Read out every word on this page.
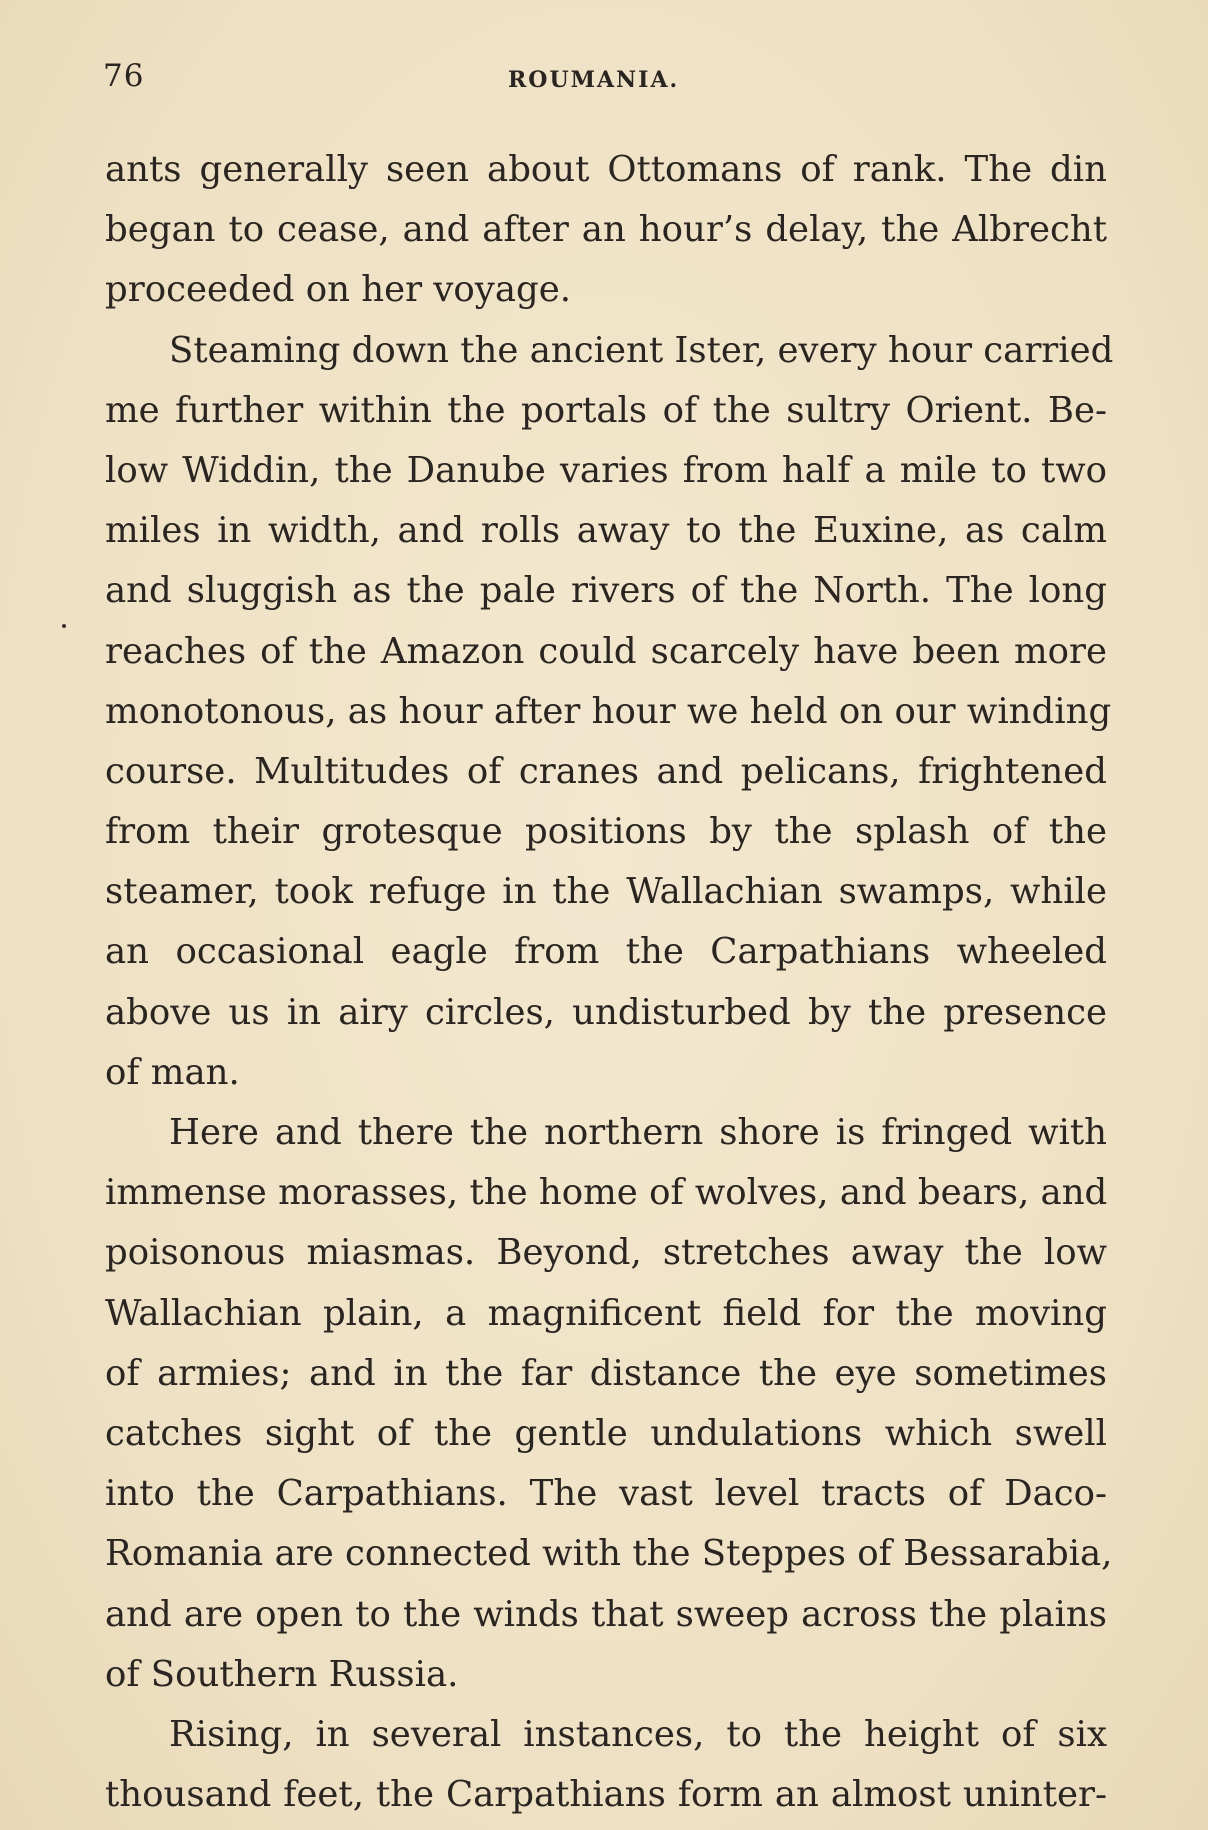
76	ROUMANIA.
ants generally seen about Ottomans of rank. The din
began to cease, and after an hour’s delay, the Albrecht
proceeded on her voyage.
Steaming down the ancient Ister, every hour carried
me further within the portals of the sultry Orient. Be-
low Widdin, the Danube varies from half a mile to two
miles in width, and rolls away to the Euxine, as calm
and sluggish as the pale rivers of the North. The long
reaches of the Amazon could scarcely have been more
monotonous, as hour after hour we held on our winding
course. Multitudes of cranes and pelicans, frightened
from their grotesque positions by the splash of the
steamer, took refuge in the Wallachian swamps, while
an occasional eagle from the Carpathians wheeled
above us in airy circles, undisturbed by the presence
of man.
Here and there the northern shore is fringed with
immense morasses, the home of wolves, and bears, and
poisonous miasmas. Beyond, stretches away the low
Wallachian plain, a magnificent field for the moving
of armies; and in the far distance the eye sometimes
catches sight of the gentle undulations which swell
into the Carpathians. The vast level tracts of Daco-
Romania are connected with the Steppes of Bessarabia,
and are open to the winds that sweep across the plains
of Southern Russia.
Rising, in several instances, to the height of six
thousand feet, the Carpathians form an almost uninter-
